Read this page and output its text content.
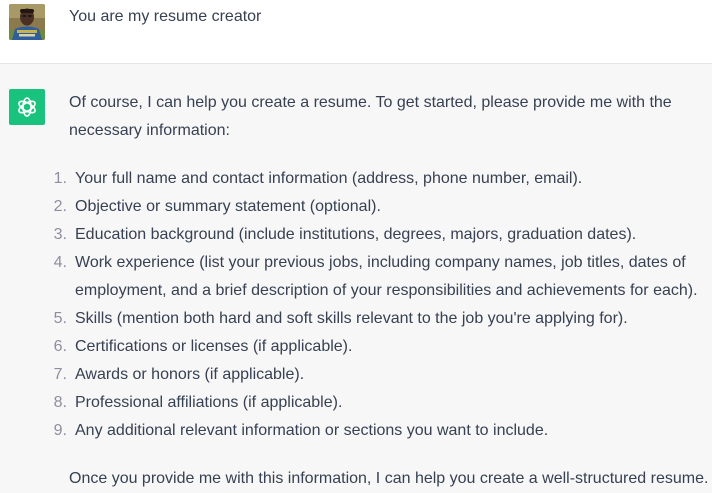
You are my resume creator

Of course, I can help you create a resume. To get started, please provide me with the necessary information:

1. Your full name and contact information (address, phone number, email).
2. Objective or summary statement (optional).
3. Education background (include institutions, degrees, majors, graduation dates).
4. Work experience (list your previous jobs, including company names, job titles, dates of employment, and a brief description of your responsibilities and achievements for each).
5. Skills (mention both hard and soft skills relevant to the job you're applying for).
6. Certifications or licenses (if applicable).
7. Awards or honors (if applicable).
8. Professional affiliations (if applicable).
9. Any additional relevant information or sections you want to include.

Once you provide me with this information, I can help you create a well-structured resume.
